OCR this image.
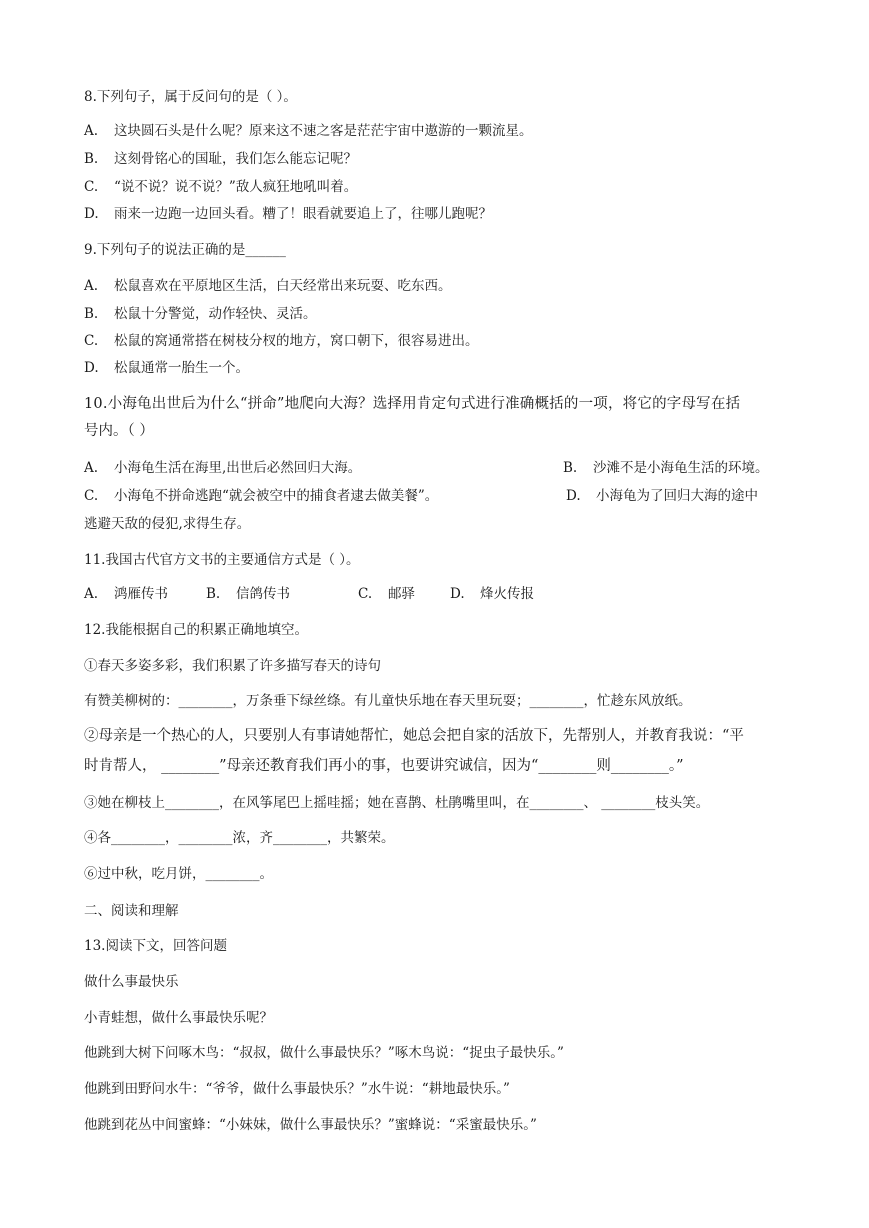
8.下列句子，属于反问句的是（ ）。
A. 这块圆石头是什么呢？原来这不速之客是茫茫宇宙中遨游的一颗流星。
B. 这刻骨铭心的国耻，我们怎么能忘记呢？
C. “说不说？说不说？”敌人疯狂地吼叫着。
D. 雨来一边跑一边回头看。糟了！眼看就要追上了，往哪儿跑呢？
9.下列句子的说法正确的是______
A. 松鼠喜欢在平原地区生活，白天经常出来玩耍、吃东西。
B. 松鼠十分警觉，动作轻快、灵活。
C. 松鼠的窝通常搭在树枝分杈的地方，窝口朝下，很容易进出。
D. 松鼠通常一胎生一个。
10.小海龟出世后为什么“拼命”地爬向大海？选择用肯定句式进行准确概括的一项，将它的字母写在括
号内。（ ）
A. 小海龟生活在海里,出世后必然回归大海。	B. 沙滩不是小海龟生活的环境。
C. 小海龟不拼命逃跑“就会被空中的捕食者逮去做美餐”。	D. 小海龟为了回归大海的途中
逃避天敌的侵犯,求得生存。
11.我国古代官方文书的主要通信方式是（ ）。
A. 鸿雁传书	B. 信鸽传书	C. 邮驿	D. 烽火传报
12.我能根据自己的积累正确地填空。
①春天多姿多彩，我们积累了许多描写春天的诗句
有赞美柳树的：________，万条垂下绿丝绦。有儿童快乐地在春天里玩耍；________，忙趁东风放纸。
②母亲是一个热心的人，只要别人有事请她帮忙，她总会把自家的活放下，先帮别人，并教育我说：“平
时肯帮人， ________”母亲还教育我们再小的事，也要讲究诚信，因为“________则________。”
③她在柳枝上________，在风筝尾巴上摇哇摇；她在喜鹊、杜鹃嘴里叫，在________、 ________枝头笑。
④各________，________浓，齐________，共繁荣。
⑥过中秋，吃月饼，________。
二、阅读和理解
13.阅读下文，回答问题
做什么事最快乐
小青蛙想，做什么事最快乐呢？
他跳到大树下问啄木鸟：“叔叔，做什么事最快乐？”啄木鸟说：“捉虫子最快乐。”
他跳到田野问水牛：“爷爷，做什么事最快乐？”水牛说：“耕地最快乐。”
他跳到花丛中间蜜蜂：“小妹妹，做什么事最快乐？”蜜蜂说：“采蜜最快乐。”
